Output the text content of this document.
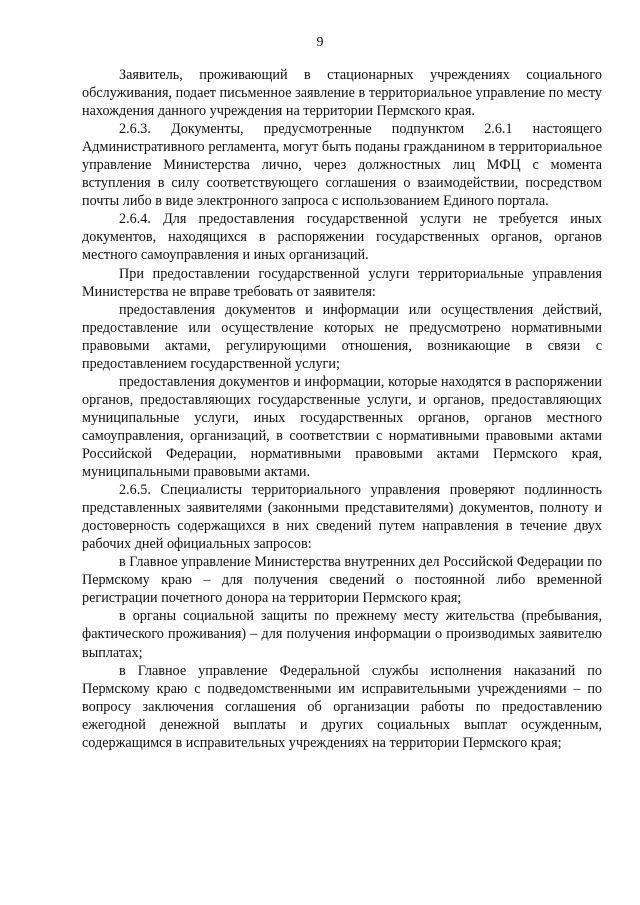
9

Заявитель, проживающий в стационарных учреждениях социального обслуживания, подает письменное заявление в территориальное управление по месту нахождения данного учреждения на территории Пермского края.

2.6.3. Документы, предусмотренные подпунктом 2.6.1 настоящего Административного регламента, могут быть поданы гражданином в территориальное управление Министерства лично, через должностных лиц МФЦ с момента вступления в силу соответствующего соглашения о взаимодействии, посредством почты либо в виде электронного запроса с использованием Единого портала.

2.6.4. Для предоставления государственной услуги не требуется иных документов, находящихся в распоряжении государственных органов, органов местного самоуправления и иных организаций.

При предоставлении государственной услуги территориальные управления Министерства не вправе требовать от заявителя:

предоставления документов и информации или осуществления действий, предоставление или осуществление которых не предусмотрено нормативными правовыми актами, регулирующими отношения, возникающие в связи с предоставлением государственной услуги;

предоставления документов и информации, которые находятся в распоряжении органов, предоставляющих государственные услуги, и органов, предоставляющих муниципальные услуги, иных государственных органов, органов местного самоуправления, организаций, в соответствии с нормативными правовыми актами Российской Федерации, нормативными правовыми актами Пермского края, муниципальными правовыми актами.

2.6.5. Специалисты территориального управления проверяют подлинность представленных заявителями (законными представителями) документов, полноту и достоверность содержащихся в них сведений путем направления в течение двух рабочих дней официальных запросов:

в Главное управление Министерства внутренних дел Российской Федерации по Пермскому краю – для получения сведений о постоянной либо временной регистрации почетного донора на территории Пермского края;

в органы социальной защиты по прежнему месту жительства (пребывания, фактического проживания) – для получения информации о производимых заявителю выплатах;

в Главное управление Федеральной службы исполнения наказаний по Пермскому краю с подведомственными им исправительными учреждениями – по вопросу заключения соглашения об организации работы по предоставлению ежегодной денежной выплаты и других социальных выплат осужденным, содержащимся в исправительных учреждениях на территории Пермского края;
